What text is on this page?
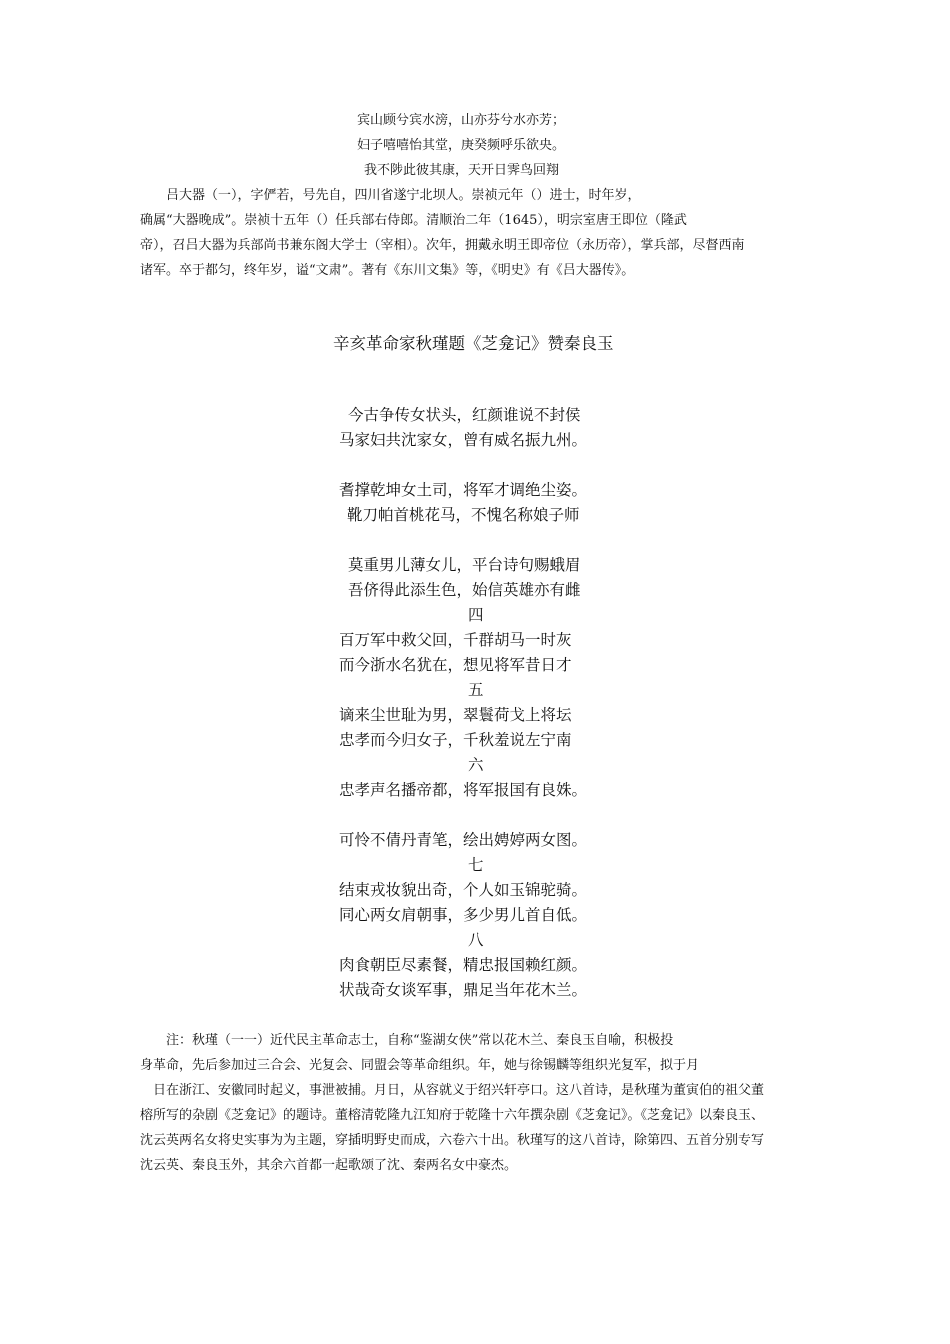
宾山顾兮宾水滂，山亦芬兮水亦芳；
妇子嘻嘻怡其堂，庚癸频呼乐欲央。
我不陟此彼其康，天开日霁鸟回翔
吕大器（一），字俨若，号先自，四川省遂宁北坝人。崇祯元年（）进士，时年岁，
确属“大器晚成”。崇祯十五年（）任兵部右侍郎。清顺治二年（1645），明宗室唐王即位（隆武
帝），召吕大器为兵部尚书兼东阁大学士（宰相）。次年，拥戴永明王即帝位（永历帝），掌兵部，尽督西南
诸军。卒于都匀，终年岁，谥“文肃”。著有《东川文集》等，《明史》有《吕大器传》。
辛亥革命家秋瑾题《芝龛记》赞秦良玉
今古争传女状头，红颜谁说不封侯
马家妇共沈家女，曾有威名振九州。
耆撑乾坤女土司，将军才调绝尘姿。
靴刀帕首桃花马，不愧名称娘子师
莫重男儿薄女儿，平台诗句赐蛾眉
吾侪得此添生色，始信英雄亦有雌
四
百万军中救父回，千群胡马一时灰
而今浙水名犹在，想见将军昔日才
五
谪来尘世耻为男，翠鬟荷戈上将坛
忠孝而今归女子，千秋羞说左宁南
六
忠孝声名播帝都，将军报国有良姝。
可怜不倩丹青笔，绘出娉婷两女图。
七
结束戎妆貌出奇，个人如玉锦驼骑。
同心两女肩朝事，多少男儿首自低。
八
肉食朝臣尽素餐，精忠报国赖红颜。
状哉奇女谈军事，鼎足当年花木兰。
注：秋瑾（一一）近代民主革命志士，自称“鉴湖女侠”常以花木兰、秦良玉自喻，积极投
身革命，先后参加过三合会、光复会、同盟会等革命组织。年，她与徐锡麟等组织光复军，拟于月
日在浙江、安徽同时起义，事泄被捕。月日，从容就义于绍兴轩亭口。这八首诗，是秋瑾为董寅伯的祖父董
榕所写的杂剧《芝龛记》的题诗。董榕清乾隆九江知府于乾隆十六年撰杂剧《芝龛记》。《芝龛记》以秦良玉、
沈云英两名女将史实事为为主题，穿插明野史而成，六卷六十出。秋瑾写的这八首诗，除第四、五首分别专写
沈云英、秦良玉外，其余六首都一起歌颂了沈、秦两名女中豪杰。
